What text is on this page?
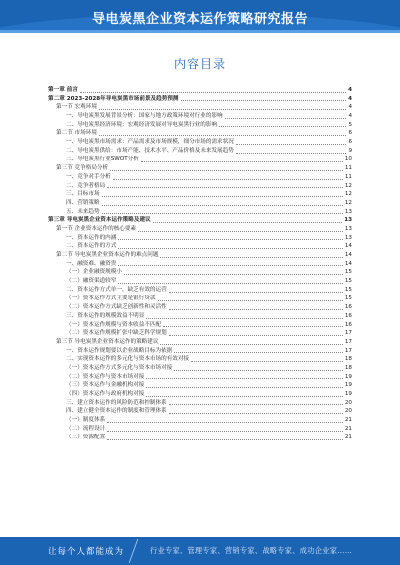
导电炭黑企业资本运作策略研究报告
内容目录
第一章 前言	4
第二章 2023-2028年导电炭黑市场前景及趋势预测	4
第一节 宏观环境	4
一、导电炭黑发展背景分析：国家与地方政策环境对行业的影响	4
二、导电炭黑经济环境：宏观经济发展对导电炭黑行业的影响	5
第二节 市场环境	6
一、导电炭黑市场需求：产品需求及市场规模，细分市场的需求状况	6
二、导电炭黑供给：市场产能、技术水平、产品价格及未来发展趋势	9
三、导电炭黑行业SWOT分析	10
第三节 竞争格局分析	11
一、竞争对手分析	11
二、竞争者格局	12
三、目标市场	12
四、营销策略	12
五、未来趋势	13
第三章 导电炭黑企业资本运作策略及建议	13
第一节 企业资本运作的核心要素	13
一、资本运作的内涵	13
二、资本运作的方式	14
第二节 导电炭黑企业资本运作的难点问题	14
一、融资难、融资贵	14
（一）企业融资规模小	15
（二）融资渠道较窄	15
二、资本运作方式单一，缺乏有效的运营	15
（一）资本运作方式主要是银行贷款	15
（二）资本运作方式缺乏创新性和灵活性	16
三、资本运作的规模效益不明显	16
（一）资本运作规模与资本收益不匹配	16
（二）资本运作规模扩张中缺乏科学规划	17
第三节 导电炭黑企业资本运作的策略建议	17
一、资本运作规划要以企业战略目标为依据	17
二、实现资本运作的多元化与资本市场的有效对接	18
（一）资本运作方式多元化与资本市场对接	18
（二）资本运作与资本市场对接	19
（三）资本运作与金融机构对接	19
（四）资本运作与政府机构对接	19
三、建立资本运作的风险防范和控制体系	20
四、建立健全资本运作的制度和管理体系	20
（一）制度体系	21
（二）流程设计	21
（三）资源配置	21
让每个人都能成为	行业专家、管理专家、营销专家、战略专家、成功企业家……
